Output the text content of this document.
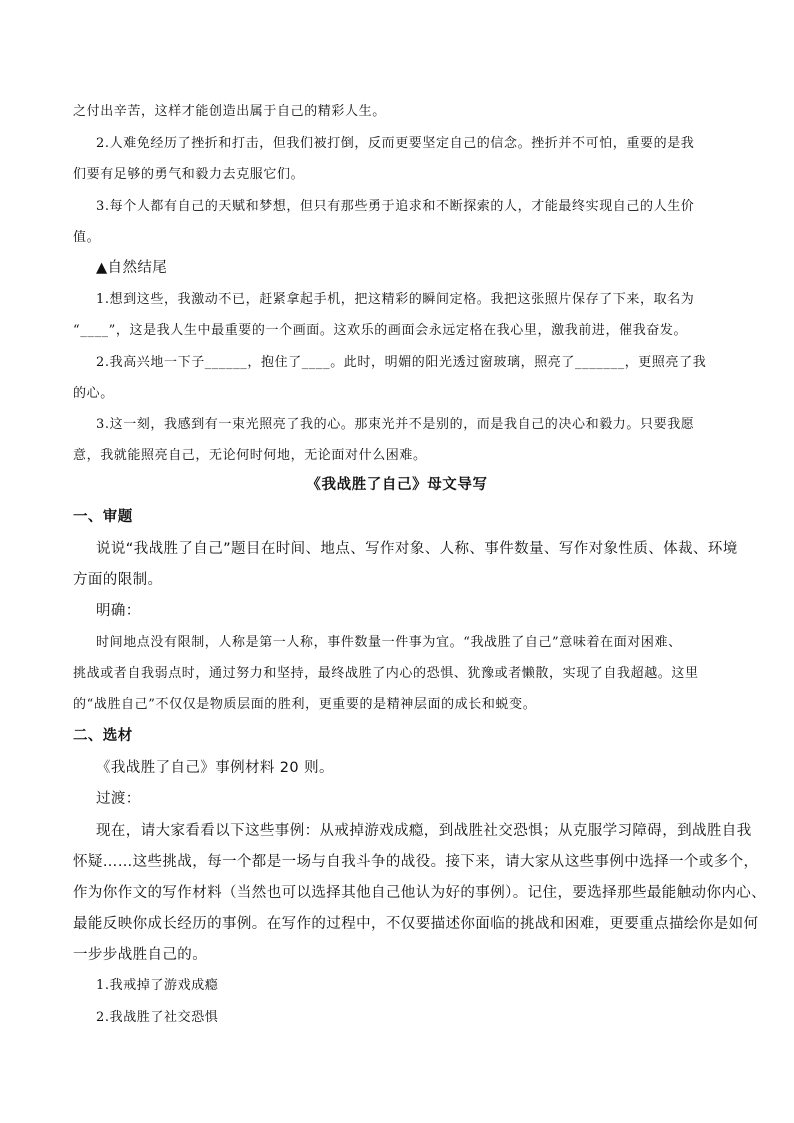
之付出辛苦，这样才能创造出属于自己的精彩人生。
2.人难免经历了挫折和打击，但我们被打倒，反而更要坚定自己的信念。挫折并不可怕，重要的是我
们要有足够的勇气和毅力去克服它们。
3.每个人都有自己的天赋和梦想，但只有那些勇于追求和不断探索的人，才能最终实现自己的人生价
值。
▲自然结尾
1.想到这些，我激动不已，赶紧拿起手机，把这精彩的瞬间定格。我把这张照片保存了下来，取名为
“____”，这是我人生中最重要的一个画面。这欢乐的画面会永远定格在我心里，激我前进，催我奋发。
2.我高兴地一下子______，抱住了____。此时，明媚的阳光透过窗玻璃，照亮了_______，更照亮了我
的心。
3.这一刻，我感到有一束光照亮了我的心。那束光并不是别的，而是我自己的决心和毅力。只要我愿
意，我就能照亮自己，无论何时何地，无论面对什么困难。
《我战胜了自己》母文导写
一、审题
说说“我战胜了自己”题目在时间、地点、写作对象、人称、事件数量、写作对象性质、体裁、环境
方面的限制。
明确：
时间地点没有限制，人称是第一人称，事件数量一件事为宜。“我战胜了自己”意味着在面对困难、
挑战或者自我弱点时，通过努力和坚持，最终战胜了内心的恐惧、犹豫或者懒散，实现了自我超越。这里
的“战胜自己”不仅仅是物质层面的胜利，更重要的是精神层面的成长和蜕变。
二、选材
《我战胜了自己》事例材料 20 则。
过渡：
现在，请大家看看以下这些事例：从戒掉游戏成瘾，到战胜社交恐惧；从克服学习障碍，到战胜自我
怀疑……这些挑战，每一个都是一场与自我斗争的战役。接下来，请大家从这些事例中选择一个或多个，
作为你作文的写作材料（当然也可以选择其他自己他认为好的事例）。记住，要选择那些最能触动你内心、
最能反映你成长经历的事例。在写作的过程中，不仅要描述你面临的挑战和困难，更要重点描绘你是如何
一步步战胜自己的。
1.我戒掉了游戏成瘾
2.我战胜了社交恐惧
